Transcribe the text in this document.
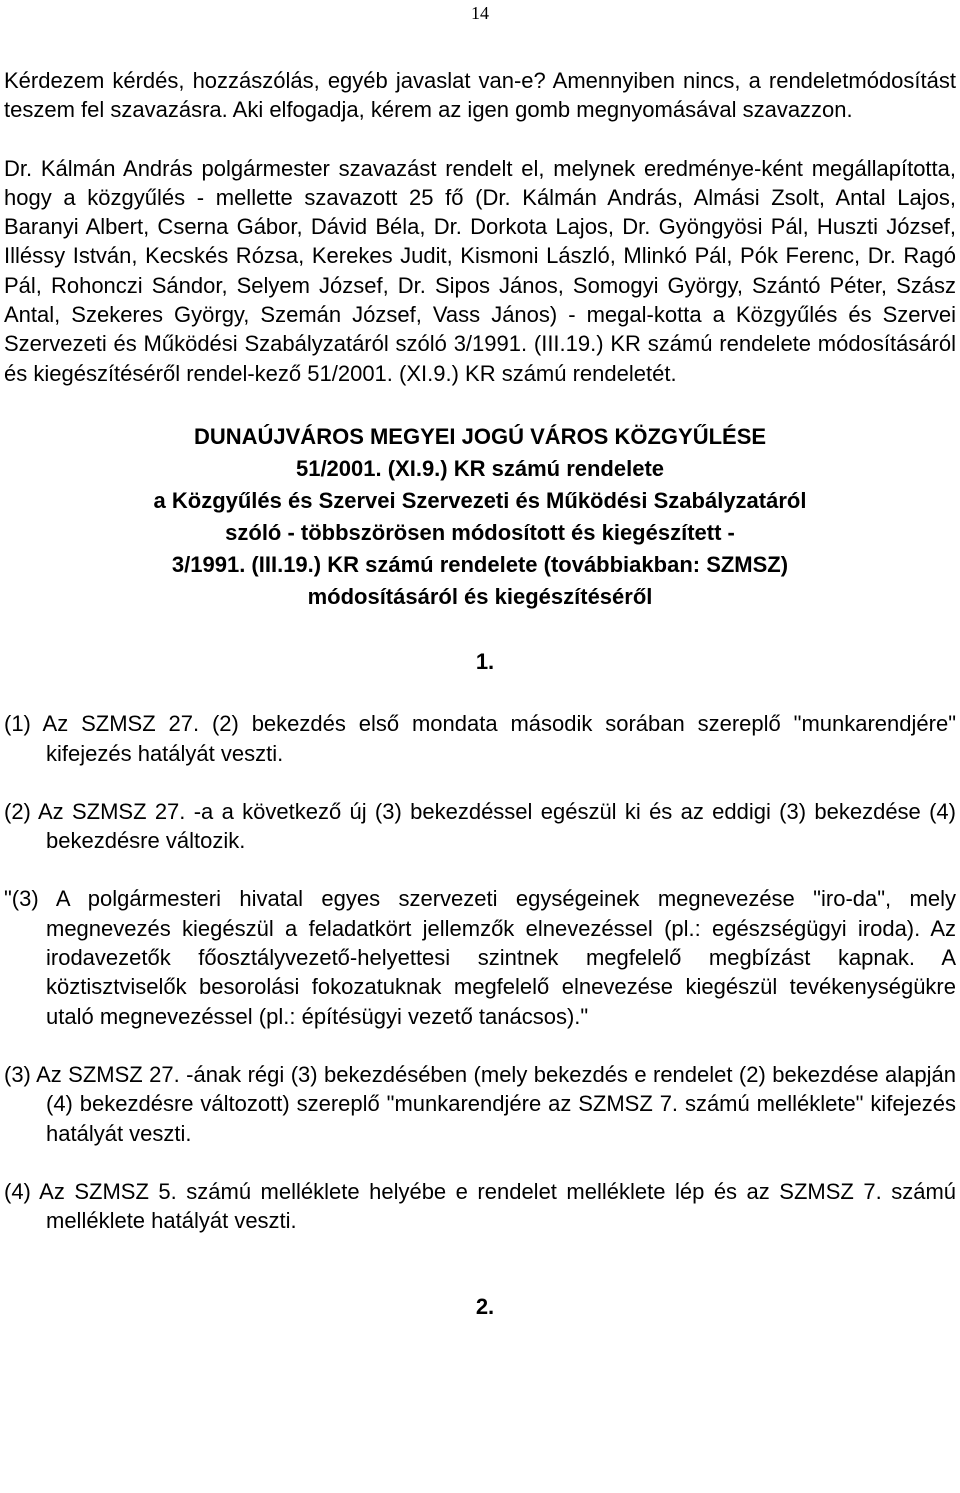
14

Kérdezem kérdés, hozzászólás, egyéb javaslat van-e? Amennyiben nincs, a rendeletmódosítást teszem fel szavazásra. Aki elfogadja, kérem az igen gomb megnyomásával szavazzon.

Dr. Kálmán András polgármester szavazást rendelt el, melynek eredménye-ként megállapította, hogy a közgyűlés - mellette szavazott 25 fő (Dr. Kálmán András, Almási Zsolt, Antal Lajos, Baranyi Albert, Cserna Gábor, Dávid Béla, Dr. Dorkota Lajos, Dr. Gyöngyösi Pál, Huszti József, Illéssy István, Kecskés Rózsa, Kerekes Judit, Kismoni László, Mlinkó Pál, Pók Ferenc, Dr. Ragó Pál, Rohonczi Sándor, Selyem József, Dr. Sipos János, Somogyi György, Szántó Péter, Szász Antal, Szekeres György, Szemán József, Vass János) - megal-kotta a Közgyűlés és Szervei Szervezeti és Működési Szabályzatáról szóló 3/1991. (III.19.) KR számú rendelete módosításáról és kiegészítéséről rendel-kező 51/2001. (XI.9.) KR számú rendeletét.

DUNAÚJVÁROS MEGYEI JOGÚ VÁROS KÖZGYŰLÉSE
51/2001. (XI.9.) KR számú rendelete
a Közgyűlés és Szervei Szervezeti és Működési Szabályzatáról
szóló - többszörösen módosított és kiegészített -
3/1991. (III.19.) KR számú rendelete (továbbiakban: SZMSZ)
módosításáról és kiegészítéséről

1.

(1) Az SZMSZ 27. (2) bekezdés első mondata második sorában szereplő "munkarendjére" kifejezés hatályát veszti.

(2) Az SZMSZ 27. -a a következő új (3) bekezdéssel egészül ki és az eddigi (3) bekezdése (4) bekezdésre változik.

"(3) A polgármesteri hivatal egyes szervezeti egységeinek megnevezése "iro-da", mely megnevezés kiegészül a feladatkört jellemzők elnevezéssel (pl.: egészségügyi iroda). Az irodavezetők főosztályvezető-helyettesi szintnek megfelelő megbízást kapnak. A köztisztviselők besorolási fokozatuknak megfelelő elnevezése kiegészül tevékenységükre utaló megnevezéssel (pl.: építésügyi vezető tanácsos)."

(3) Az SZMSZ 27. -ának régi (3) bekezdésében (mely bekezdés e rendelet (2) bekezdése alapján (4) bekezdésre változott) szereplő "munkarendjére az SZMSZ 7. számú melléklete" kifejezés hatályát veszti.

(4) Az SZMSZ 5. számú melléklete helyébe e rendelet melléklete lép és az SZMSZ 7. számú melléklete hatályát veszti.

2.
